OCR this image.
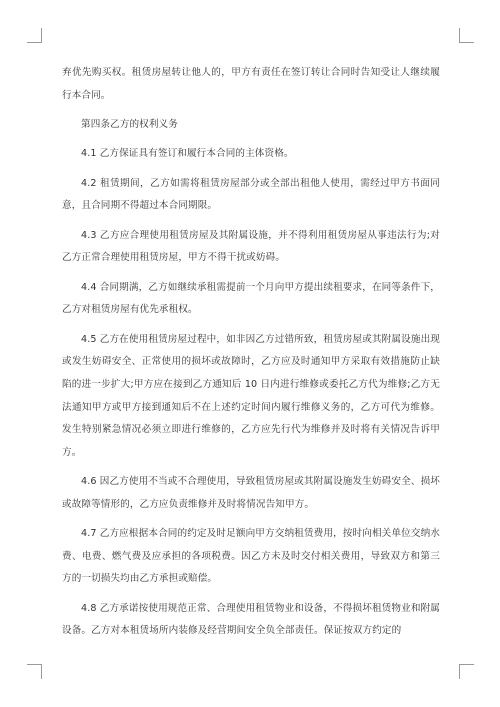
弃优先购买权。租赁房屋转让他人的，甲方有责任在签订转让合同时告知受让人继续履行本合同。

第四条乙方的权利义务

4.1 乙方保证具有签订和履行本合同的主体资格。

4.2 租赁期间，乙方如需将租赁房屋部分或全部出租他人使用，需经过甲方书面同意，且合同期不得超过本合同期限。

4.3 乙方应合理使用租赁房屋及其附属设施，并不得利用租赁房屋从事违法行为;对乙方正常合理使用租赁房屋，甲方不得干扰或妨碍。

4.4 合同期满，乙方如继续承租需提前一个月向甲方提出续租要求，在同等条件下，乙方对租赁房屋有优先承租权。

4.5 乙方在使用租赁房屋过程中，如非因乙方过错所致，租赁房屋或其附属设施出现或发生妨碍安全、正常使用的损坏或故障时，乙方应及时通知甲方采取有效措施防止缺陷的进一步扩大;甲方应在接到乙方通知后 10 日内进行维修或委托乙方代为维修;乙方无法通知甲方或甲方接到通知后不在上述约定时间内履行维修义务的，乙方可代为维修。发生特别紧急情况必须立即进行维修的，乙方应先行代为维修并及时将有关情况告诉甲方。

4.6 因乙方使用不当或不合理使用，导致租赁房屋或其附属设施发生妨碍安全、损坏或故障等情形的，乙方应负责维修并及时将情况告知甲方。

4.7 乙方应根据本合同的约定及时足额向甲方交纳租赁费用，按时向相关单位交纳水费、电费、燃气费及应承担的各项税费。因乙方未及时交付相关费用，导致双方和第三方的一切损失均由乙方承担或赔偿。

4.8 乙方承诺按使用规范正常、合理使用租赁物业和设备，不得损坏租赁物业和附属设备。乙方对本租赁场所内装修及经营期间安全负全部责任。保证按双方约定的
